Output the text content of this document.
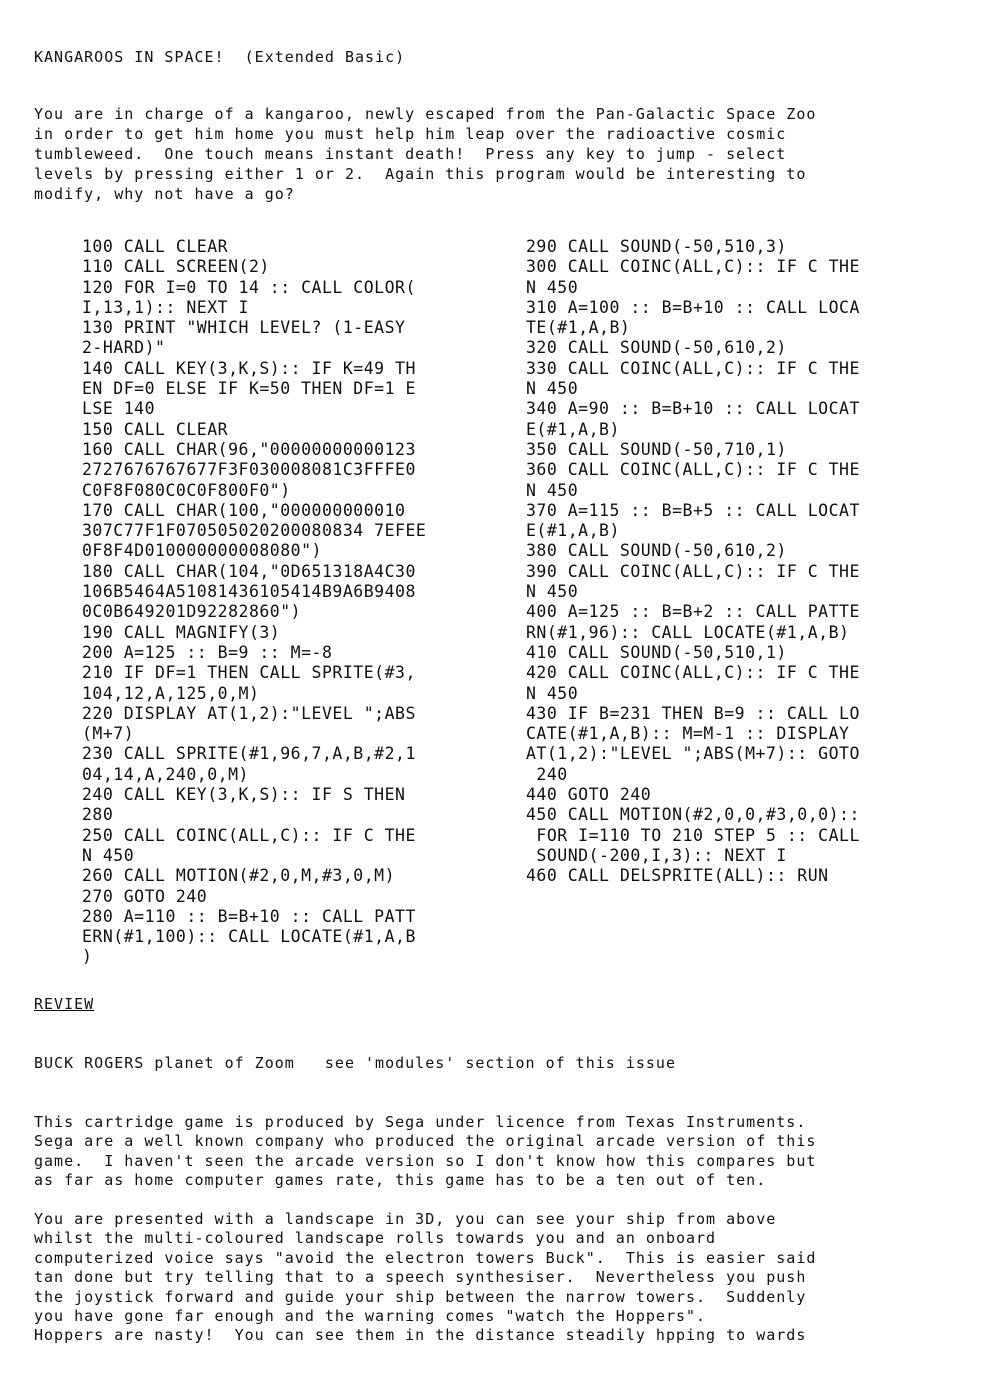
KANGAROOS IN SPACE!  (Extended Basic)
You are in charge of a kangaroo, newly escaped from the Pan-Galactic Space Zoo
in order to get him home you must help him leap over the radioactive cosmic
tumbleweed.  One touch means instant death!  Press any key to jump - select
levels by pressing either 1 or 2.  Again this program would be interesting to
modify, why not have a go?
100 CALL CLEAR
110 CALL SCREEN(2)
120 FOR I=0 TO 14 :: CALL COLOR(
I,13,1):: NEXT I
130 PRINT "WHICH LEVEL? (1-EASY
2-HARD)"
140 CALL KEY(3,K,S):: IF K=49 TH
EN DF=0 ELSE IF K=50 THEN DF=1 E
LSE 140
150 CALL CLEAR
160 CALL CHAR(96,"00000000000123
2727676767677F3F030008081C3FFFE0
C0F8F080C0C0F800F0")
170 CALL CHAR(100,"000000000010
307C77F1F070505020200080834 7EFEE
0F8F4D010000000008080")
180 CALL CHAR(104,"0D651318A4C30
106B5464A51081436105414B9A6B9408
0C0B649201D92282860")
190 CALL MAGNIFY(3)
200 A=125 :: B=9 :: M=-8
210 IF DF=1 THEN CALL SPRITE(#3,
104,12,A,125,0,M)
220 DISPLAY AT(1,2):"LEVEL ";ABS
(M+7)
230 CALL SPRITE(#1,96,7,A,B,#2,1
04,14,A,240,0,M)
240 CALL KEY(3,K,S):: IF S THEN
280
250 CALL COINC(ALL,C):: IF C THE
N 450
260 CALL MOTION(#2,0,M,#3,0,M)
270 GOTO 240
280 A=110 :: B=B+10 :: CALL PATT
ERN(#1,100):: CALL LOCATE(#1,A,B
)
290 CALL SOUND(-50,510,3)
300 CALL COINC(ALL,C):: IF C THE
N 450
310 A=100 :: B=B+10 :: CALL LOCA
TE(#1,A,B)
320 CALL SOUND(-50,610,2)
330 CALL COINC(ALL,C):: IF C THE
N 450
340 A=90 :: B=B+10 :: CALL LOCAT
E(#1,A,B)
350 CALL SOUND(-50,710,1)
360 CALL COINC(ALL,C):: IF C THE
N 450
370 A=115 :: B=B+5 :: CALL LOCAT
E(#1,A,B)
380 CALL SOUND(-50,610,2)
390 CALL COINC(ALL,C):: IF C THE
N 450
400 A=125 :: B=B+2 :: CALL PATTE
RN(#1,96):: CALL LOCATE(#1,A,B)
410 CALL SOUND(-50,510,1)
420 CALL COINC(ALL,C):: IF C THE
N 450
430 IF B=231 THEN B=9 :: CALL LO
CATE(#1,A,B):: M=M-1 :: DISPLAY
AT(1,2):"LEVEL ";ABS(M+7):: GOTO
240
440 GOTO 240
450 CALL MOTION(#2,0,0,#3,0,0)::
FOR I=110 TO 210 STEP 5 :: CALL
SOUND(-200,I,3):: NEXT I
460 CALL DELSPRITE(ALL):: RUN
REVIEW
BUCK ROGERS planet of Zoom   see 'modules' section of this issue
This cartridge game is produced by Sega under licence from Texas Instruments.
Sega are a well known company who produced the original arcade version of this
game.  I haven't seen the arcade version so I don't know how this compares but
as far as home computer games rate, this game has to be a ten out of ten.
You are presented with a landscape in 3D, you can see your ship from above
whilst the multi-coloured landscape rolls towards you and an onboard
computerized voice says "avoid the electron towers Buck".  This is easier said
tan done but try telling that to a speech synthesiser.  Nevertheless you push
the joystick forward and guide your ship between the narrow towers.  Suddenly
you have gone far enough and the warning comes "watch the Hoppers".
Hoppers are nasty!  You can see them in the distance steadily hpping to wards
